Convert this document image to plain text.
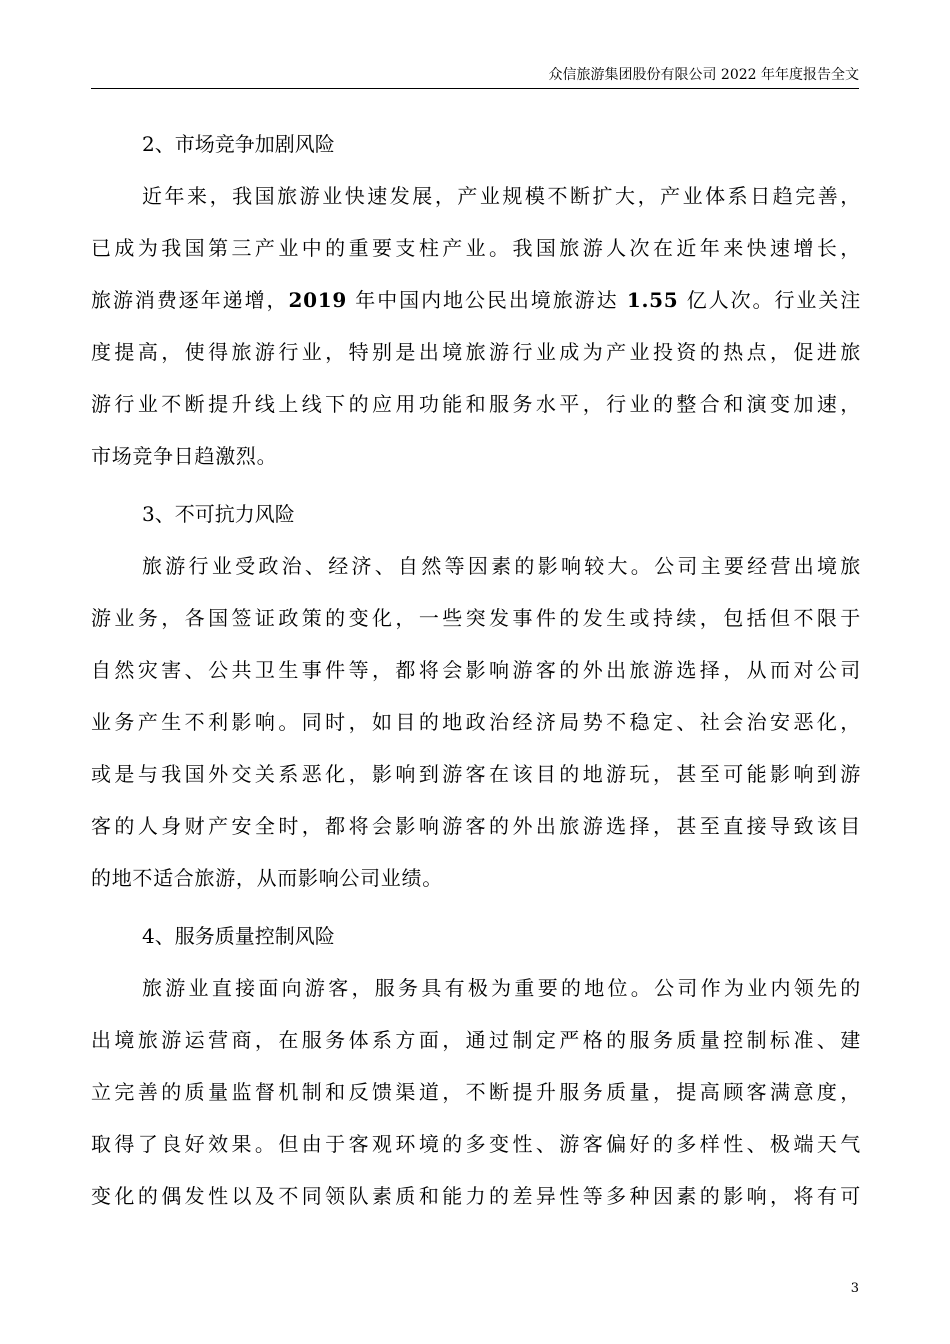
众信旅游集团股份有限公司 2022 年年度报告全文
2、市场竞争加剧风险
近年来，我国旅游业快速发展，产业规模不断扩大，产业体系日趋完善，
已成为我国第三产业中的重要支柱产业。我国旅游人次在近年来快速增长，
旅游消费逐年递增，2019 年中国内地公民出境旅游达 1.55 亿人次。行业关注
度提高，使得旅游行业，特别是出境旅游行业成为产业投资的热点，促进旅
游行业不断提升线上线下的应用功能和服务水平，行业的整合和演变加速，
市场竞争日趋激烈。
3、不可抗力风险
旅游行业受政治、经济、自然等因素的影响较大。公司主要经营出境旅
游业务，各国签证政策的变化，一些突发事件的发生或持续，包括但不限于
自然灾害、公共卫生事件等，都将会影响游客的外出旅游选择，从而对公司
业务产生不利影响。同时，如目的地政治经济局势不稳定、社会治安恶化，
或是与我国外交关系恶化，影响到游客在该目的地游玩，甚至可能影响到游
客的人身财产安全时，都将会影响游客的外出旅游选择，甚至直接导致该目
的地不适合旅游，从而影响公司业绩。
4、服务质量控制风险
旅游业直接面向游客，服务具有极为重要的地位。公司作为业内领先的
出境旅游运营商，在服务体系方面，通过制定严格的服务质量控制标准、建
立完善的质量监督机制和反馈渠道，不断提升服务质量，提高顾客满意度，
取得了良好效果。但由于客观环境的多变性、游客偏好的多样性、极端天气
变化的偶发性以及不同领队素质和能力的差异性等多种因素的影响，将有可
3
